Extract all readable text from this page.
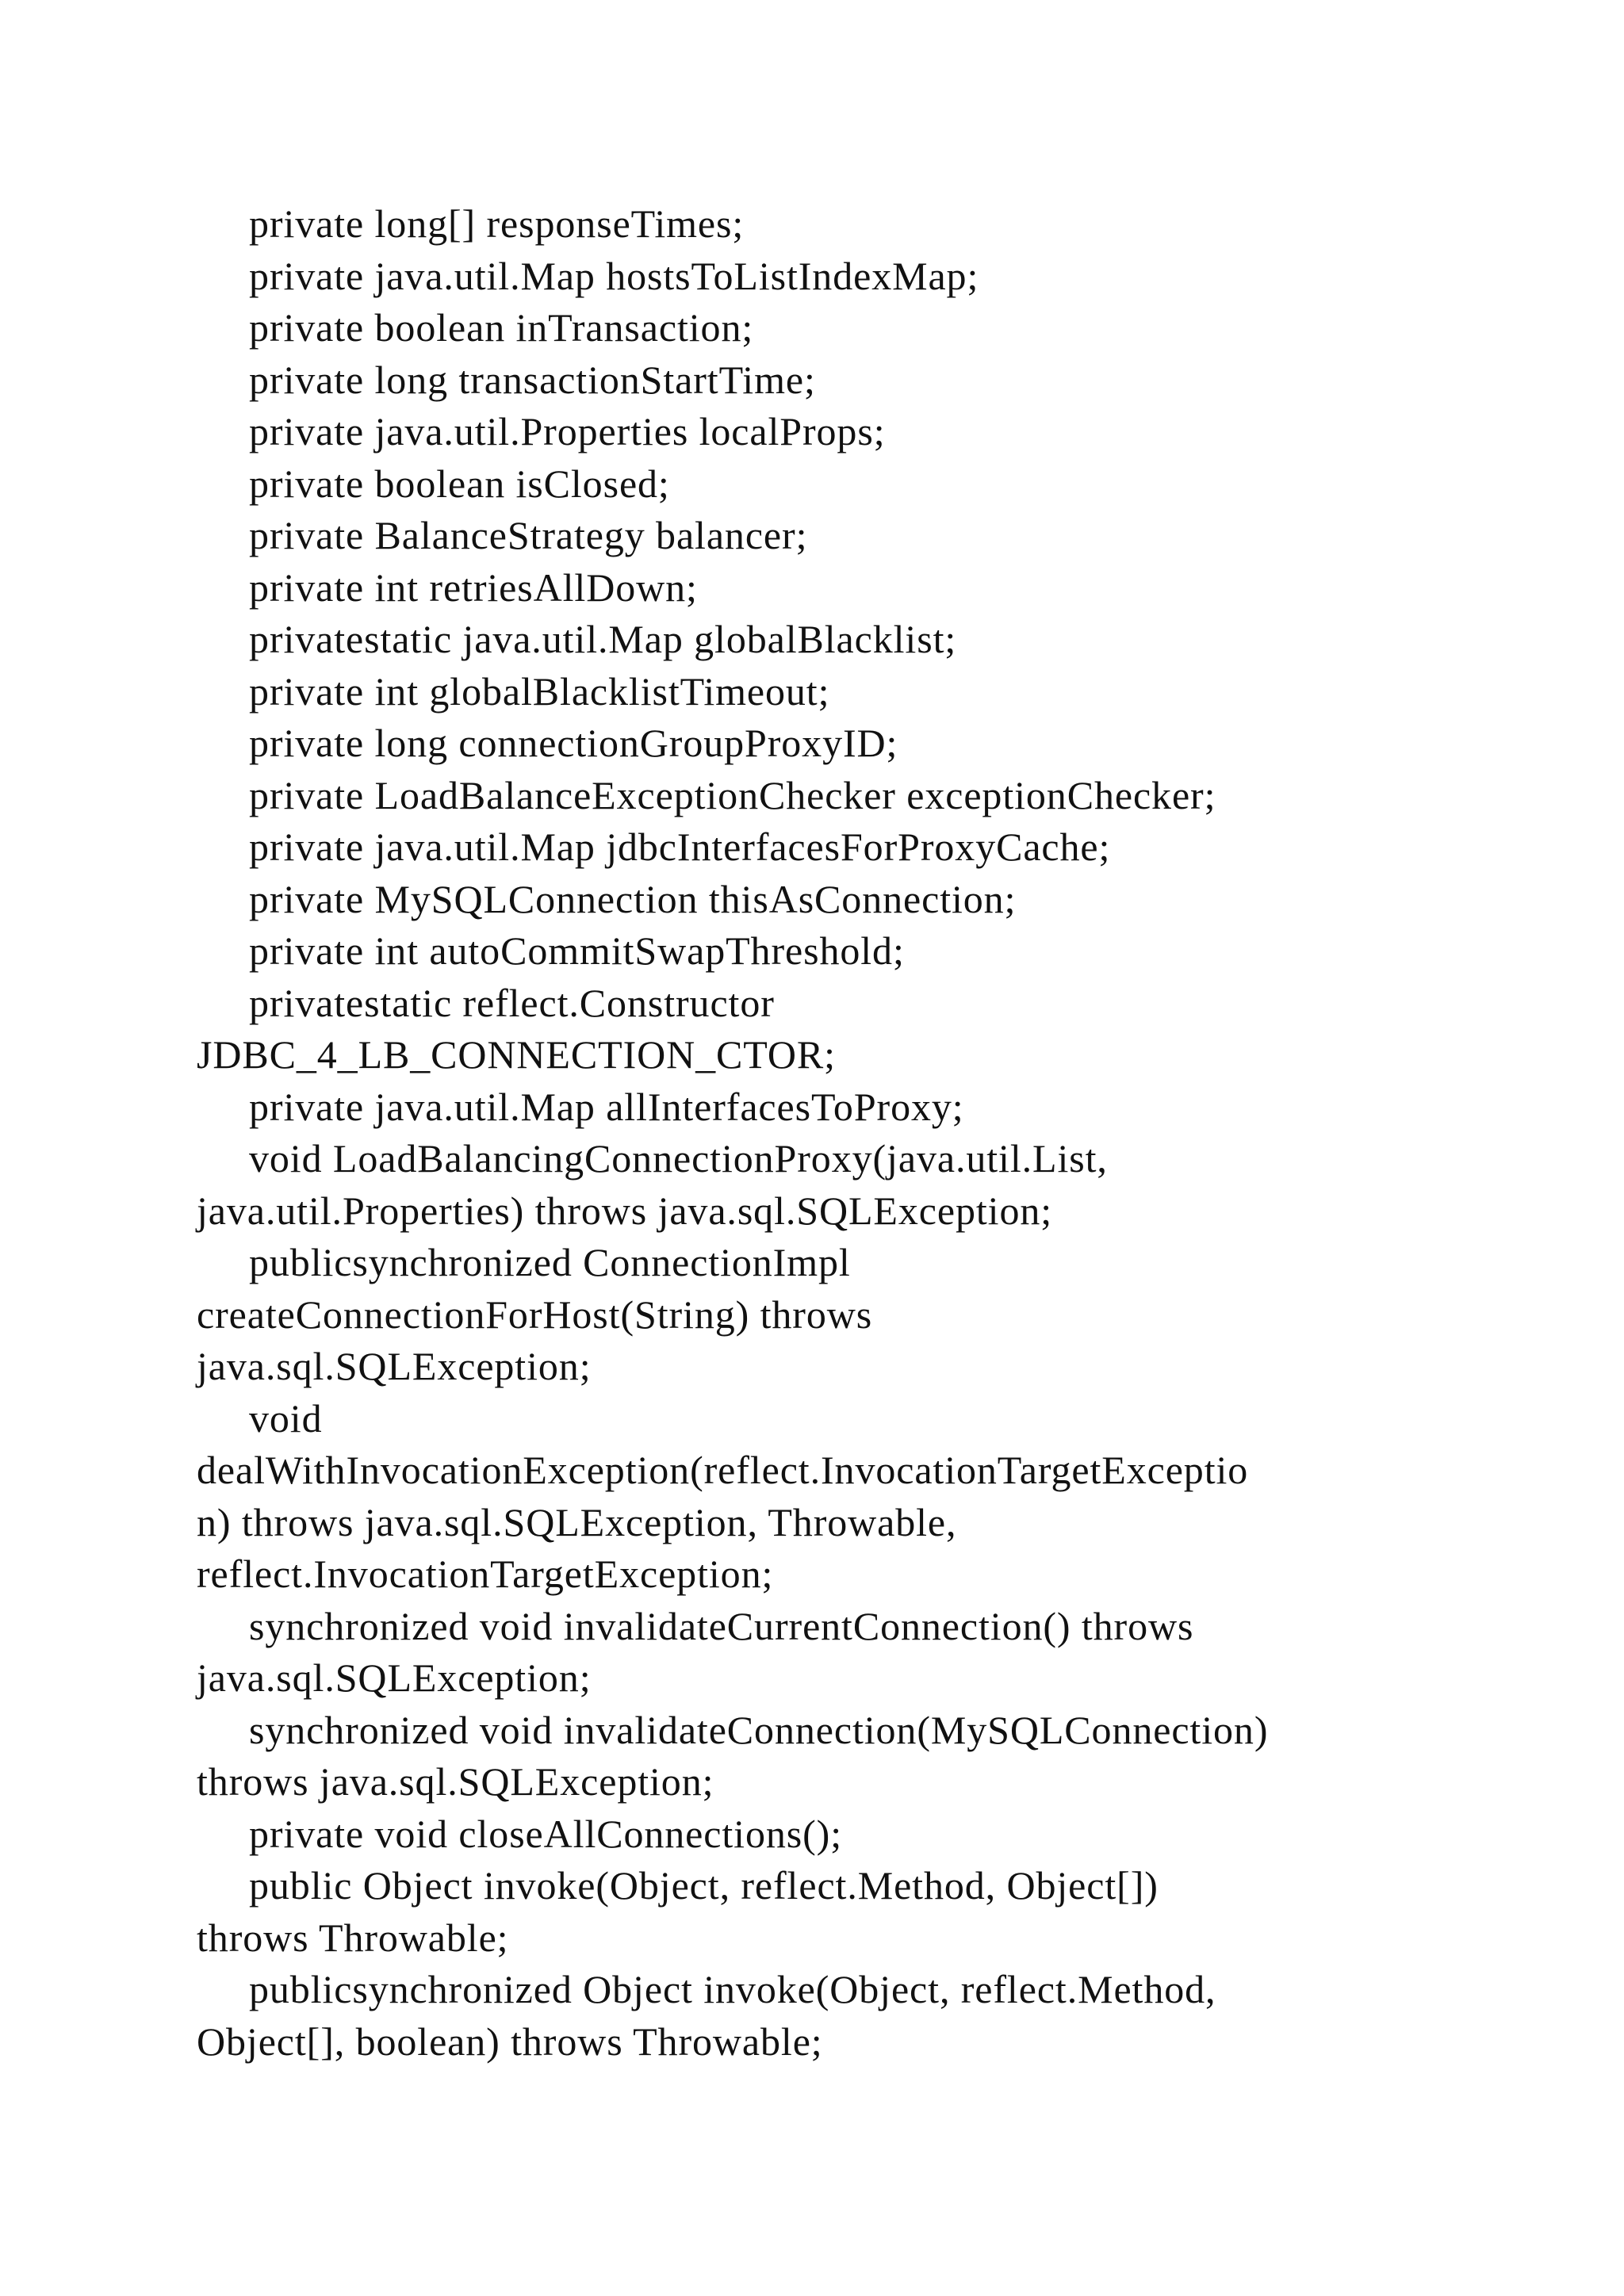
private long[] responseTimes;
private java.util.Map hostsToListIndexMap;
private boolean inTransaction;
private long transactionStartTime;
private java.util.Properties localProps;
private boolean isClosed;
private BalanceStrategy balancer;
private int retriesAllDown;
privatestatic java.util.Map globalBlacklist;
private int globalBlacklistTimeout;
private long connectionGroupProxyID;
private LoadBalanceExceptionChecker exceptionChecker;
private java.util.Map jdbcInterfacesForProxyCache;
private MySQLConnection thisAsConnection;
private int autoCommitSwapThreshold;
privatestatic reflect.Constructor
JDBC_4_LB_CONNECTION_CTOR;
private java.util.Map allInterfacesToProxy;
void LoadBalancingConnectionProxy(java.util.List,
java.util.Properties) throws java.sql.SQLException;
publicsynchronized ConnectionImpl
createConnectionForHost(String) throws
java.sql.SQLException;
void
dealWithInvocationException(reflect.InvocationTargetExceptio
n) throws java.sql.SQLException, Throwable,
reflect.InvocationTargetException;
synchronized void invalidateCurrentConnection() throws
java.sql.SQLException;
synchronized void invalidateConnection(MySQLConnection)
throws java.sql.SQLException;
private void closeAllConnections();
public Object invoke(Object, reflect.Method, Object[])
throws Throwable;
publicsynchronized Object invoke(Object, reflect.Method,
Object[], boolean) throws Throwable;
